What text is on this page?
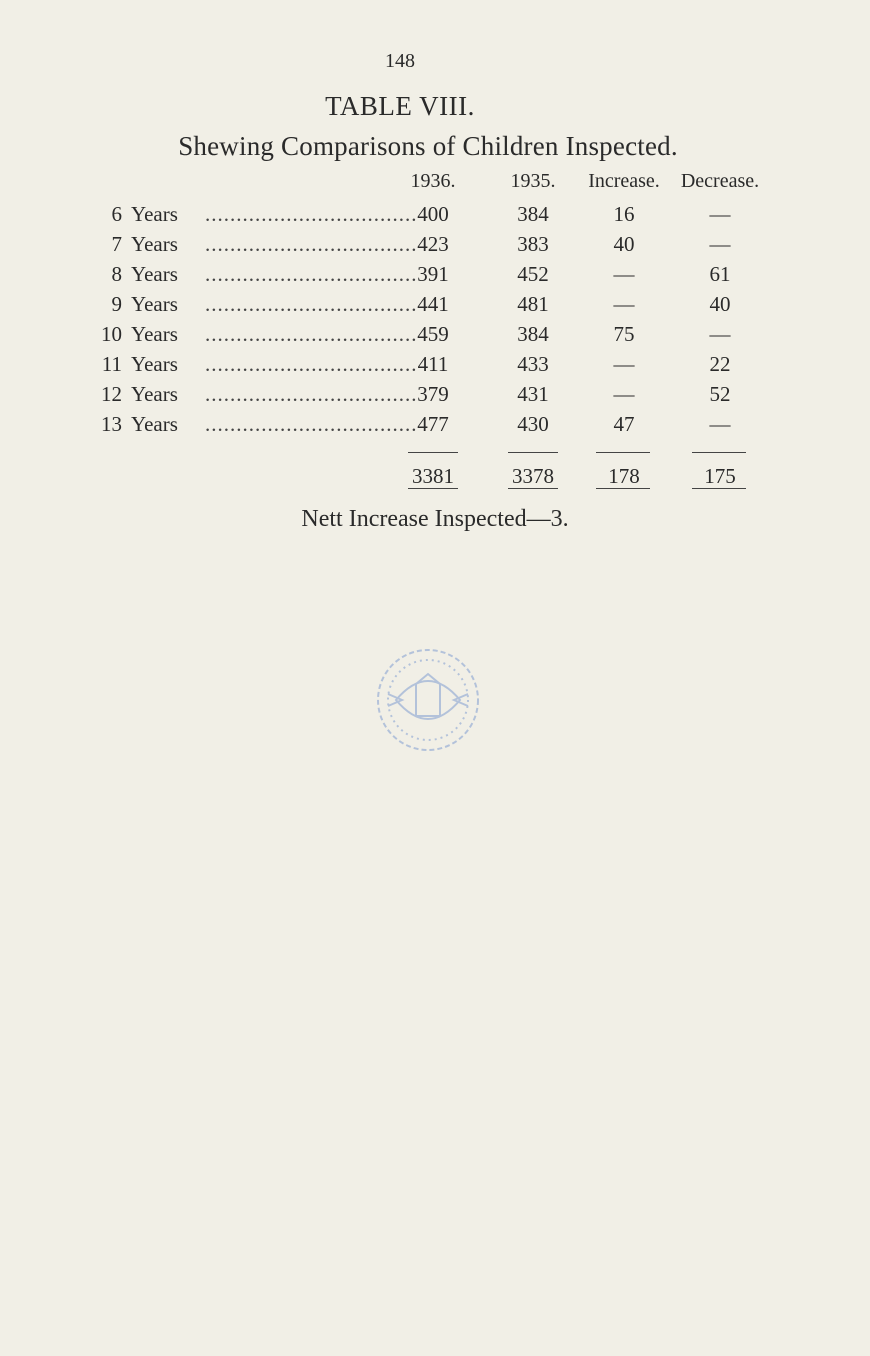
148
TABLE VIII.
Shewing Comparisons of Children Inspected.
1936.	1935.	Increase.	Decrease.
6 Years .................................. 400	384	16	—
7 Years .................................. 423	383	40	—
8 Years .................................. 391	452	—	61
9 Years .................................. 441	481	—	40
10 Years .................................. 459	384	75	—
11 Years .................................. 411	433	—	22
12 Years .................................. 379	431	—	52
13 Years .................................. 477	430	47	—
3381	3378	178	175
Nett Increase Inspected—3.
